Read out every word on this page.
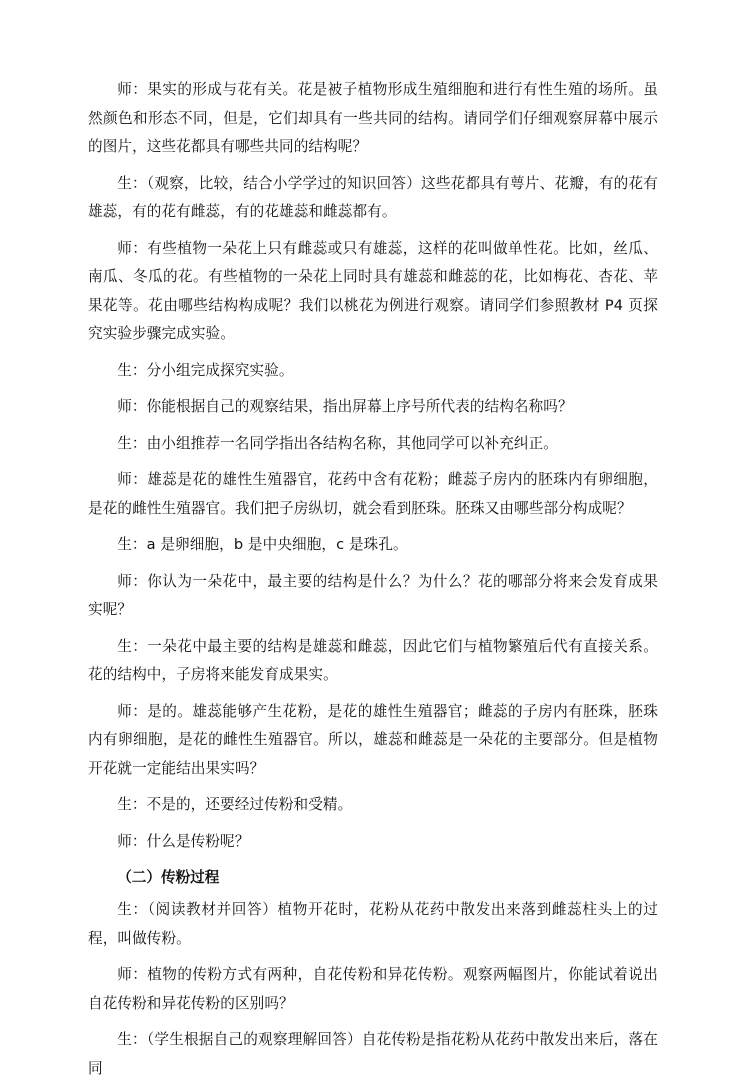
师：果实的形成与花有关。花是被子植物形成生殖细胞和进行有性生殖的场所。虽然颜色和形态不同，但是，它们却具有一些共同的结构。请同学们仔细观察屏幕中展示的图片，这些花都具有哪些共同的结构呢？

生：（观察，比较，结合小学学过的知识回答）这些花都具有萼片、花瓣，有的花有雄蕊，有的花有雌蕊，有的花雄蕊和雌蕊都有。

师：有些植物一朵花上只有雌蕊或只有雄蕊，这样的花叫做单性花。比如，丝瓜、南瓜、冬瓜的花。有些植物的一朵花上同时具有雄蕊和雌蕊的花，比如梅花、杏花、苹果花等。花由哪些结构构成呢？我们以桃花为例进行观察。请同学们参照教材 P4 页探究实验步骤完成实验。

生：分小组完成探究实验。

师：你能根据自己的观察结果，指出屏幕上序号所代表的结构名称吗？

生：由小组推荐一名同学指出各结构名称，其他同学可以补充纠正。

师：雄蕊是花的雄性生殖器官，花药中含有花粉；雌蕊子房内的胚珠内有卵细胞，是花的雌性生殖器官。我们把子房纵切，就会看到胚珠。胚珠又由哪些部分构成呢？

生：a 是卵细胞，b 是中央细胞，c 是珠孔。

师：你认为一朵花中，最主要的结构是什么？为什么？花的哪部分将来会发育成果实呢？

生：一朵花中最主要的结构是雄蕊和雌蕊，因此它们与植物繁殖后代有直接关系。花的结构中，子房将来能发育成果实。

师：是的。雄蕊能够产生花粉，是花的雄性生殖器官；雌蕊的子房内有胚珠，胚珠内有卵细胞，是花的雌性生殖器官。所以，雄蕊和雌蕊是一朵花的主要部分。但是植物开花就一定能结出果实吗？

生：不是的，还要经过传粉和受精。

师：什么是传粉呢？

（二）传粉过程

生：（阅读教材并回答）植物开花时，花粉从花药中散发出来落到雌蕊柱头上的过程，叫做传粉。

师：植物的传粉方式有两种，自花传粉和异花传粉。观察两幅图片，你能试着说出自花传粉和异花传粉的区别吗？

生：（学生根据自己的观察理解回答）自花传粉是指花粉从花药中散发出来后，落在同
